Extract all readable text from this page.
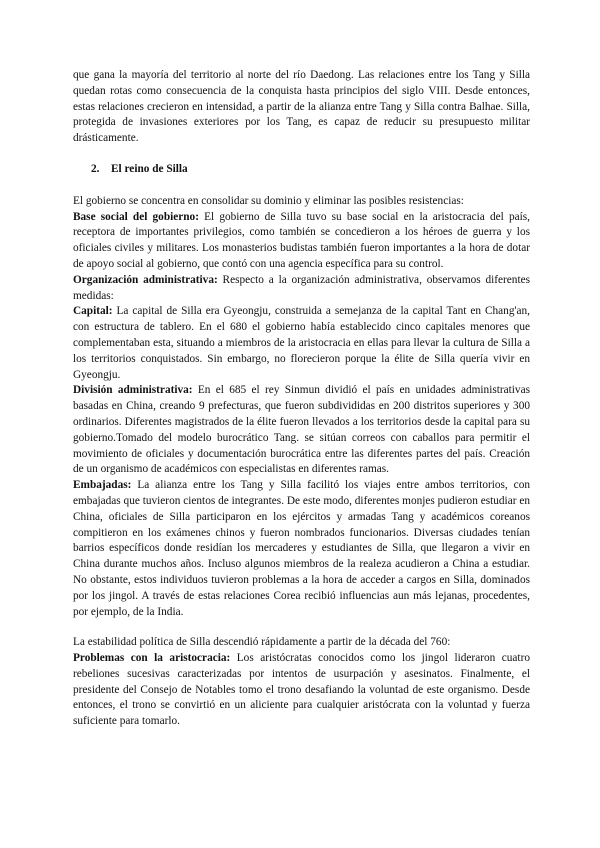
que gana la mayoría del territorio al norte del río Daedong. Las relaciones entre los Tang y Silla quedan rotas como consecuencia de la conquista hasta principios del siglo VIII. Desde entonces, estas relaciones crecieron en intensidad, a partir de la alianza entre Tang y Silla contra Balhae. Silla, protegida de invasiones exteriores por los Tang, es capaz de reducir su presupuesto militar drásticamente.

2. El reino de Silla

El gobierno se concentra en consolidar su dominio y eliminar las posibles resistencias:

Base social del gobierno: El gobierno de Silla tuvo su base social en la aristocracia del país, receptora de importantes privilegios, como también se concedieron a los héroes de guerra y los oficiales civiles y militares. Los monasterios budistas también fueron importantes a la hora de dotar de apoyo social al gobierno, que contó con una agencia específica para su control.

Organización administrativa: Respecto a la organización administrativa, observamos diferentes medidas:

Capital: La capital de Silla era Gyeongju, construida a semejanza de la capital Tant en Chang'an, con estructura de tablero. En el 680 el gobierno había establecido cinco capitales menores que complementaban esta, situando a miembros de la aristocracia en ellas para llevar la cultura de Silla a los territorios conquistados. Sin embargo, no florecieron porque la élite de Silla quería vivir en Gyeongju.

División administrativa: En el 685 el rey Sinmun dividió el país en unidades administrativas basadas en China, creando 9 prefecturas, que fueron subdivididas en 200 distritos superiores y 300 ordinarios. Diferentes magistrados de la élite fueron llevados a los territorios desde la capital para su gobierno.Tomado del modelo burocrático Tang. se sitúan correos con caballos para permitir el movimiento de oficiales y documentación burocrática entre las diferentes partes del país. Creación de un organismo de académicos con especialistas en diferentes ramas.

Embajadas: La alianza entre los Tang y Silla facilitó los viajes entre ambos territorios, con embajadas que tuvieron cientos de integrantes. De este modo, diferentes monjes pudieron estudiar en China, oficiales de Silla participaron en los ejércitos y armadas Tang y académicos coreanos compitieron en los exámenes chinos y fueron nombrados funcionarios. Diversas ciudades tenían barrios específicos donde residían los mercaderes y estudiantes de Silla, que llegaron a vivir en China durante muchos años. Incluso algunos miembros de la realeza acudieron a China a estudiar. No obstante, estos individuos tuvieron problemas a la hora de acceder a cargos en Silla, dominados por los jingol. A través de estas relaciones Corea recibió influencias aun más lejanas, procedentes, por ejemplo, de la India.

La estabilidad política de Silla descendió rápidamente a partir de la década del 760:

Problemas con la aristocracia: Los aristócratas conocidos como los jingol lideraron cuatro rebeliones sucesivas caracterizadas por intentos de usurpación y asesinatos. Finalmente, el presidente del Consejo de Notables tomo el trono desafiando la voluntad de este organismo. Desde entonces, el trono se convirtió en un aliciente para cualquier aristócrata con la voluntad y fuerza suficiente para tomarlo.
